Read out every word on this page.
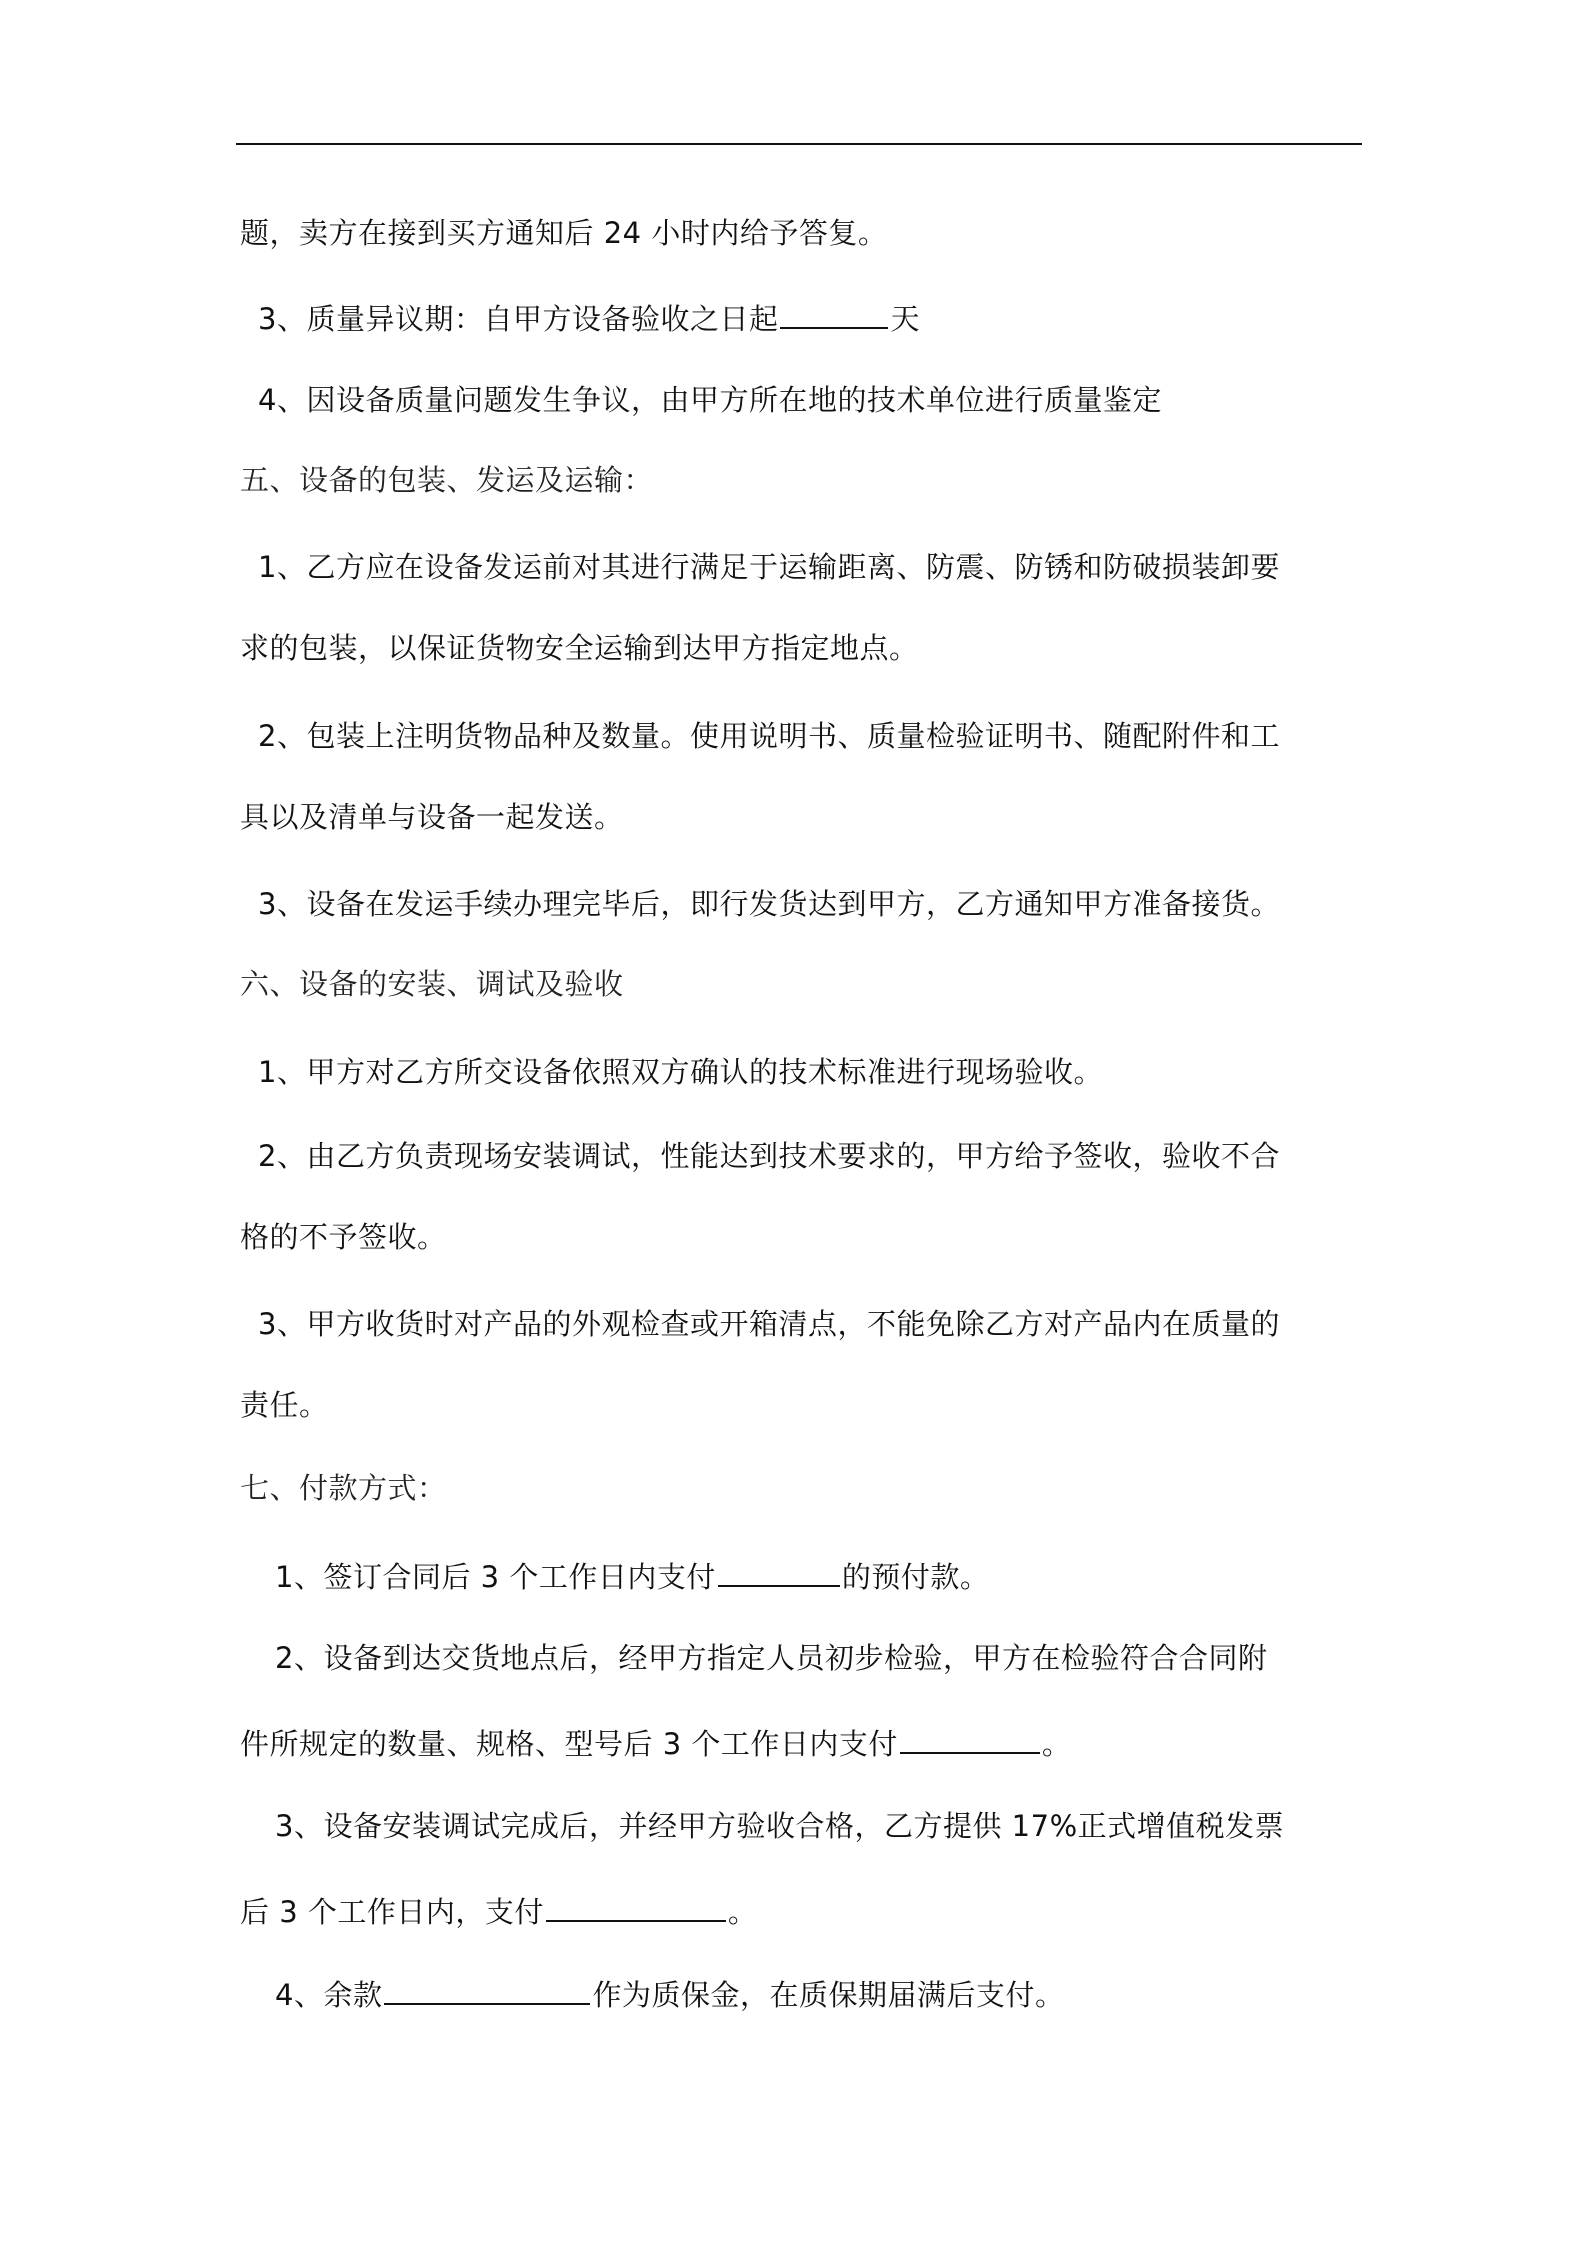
题，卖方在接到买方通知后 24 小时内给予答复。
3、质量异议期：自甲方设备验收之日起	天
4、因设备质量问题发生争议，由甲方所在地的技术单位进行质量鉴定
五、设备的包装、发运及运输：
1、乙方应在设备发运前对其进行满足于运输距离、防震、防锈和防破损装卸要
求的包装，以保证货物安全运输到达甲方指定地点。
2、包装上注明货物品种及数量。使用说明书、质量检验证明书、随配附件和工
具以及清单与设备一起发送。
3、设备在发运手续办理完毕后，即行发货达到甲方，乙方通知甲方准备接货。
六、设备的安装、调试及验收
1、甲方对乙方所交设备依照双方确认的技术标准进行现场验收。
2、由乙方负责现场安装调试，性能达到技术要求的，甲方给予签收，验收不合
格的不予签收。
3、甲方收货时对产品的外观检查或开箱清点，不能免除乙方对产品内在质量的
责任。
七、付款方式：
1、签订合同后 3 个工作日内支付	的预付款。
2、设备到达交货地点后，经甲方指定人员初步检验，甲方在检验符合合同附
件所规定的数量、规格、型号后 3 个工作日内支付	。
3、设备安装调试完成后，并经甲方验收合格，乙方提供 17%正式增值税发票
后 3 个工作日内，支付	。
4、余款	作为质保金，在质保期届满后支付。
